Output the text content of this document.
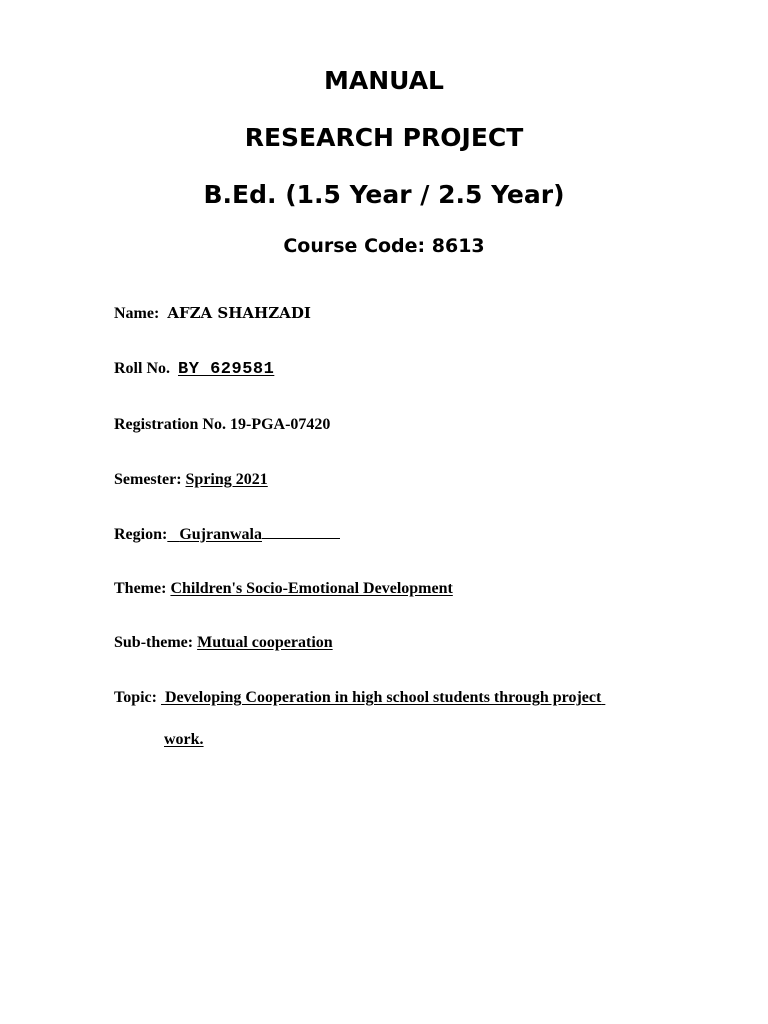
MANUAL
RESEARCH PROJECT
B.Ed. (1.5 Year / 2.5 Year)
Course Code: 8613
Name: AFZA SHAHZADI
Roll No. BY 629581
Registration No. 19-PGA-07420
Semester: Spring 2021
Region: Gujranwala
Theme: Children's Socio-Emotional Development
Sub-theme: Mutual cooperation
Topic: Developing Cooperation in high school students through project
work.
